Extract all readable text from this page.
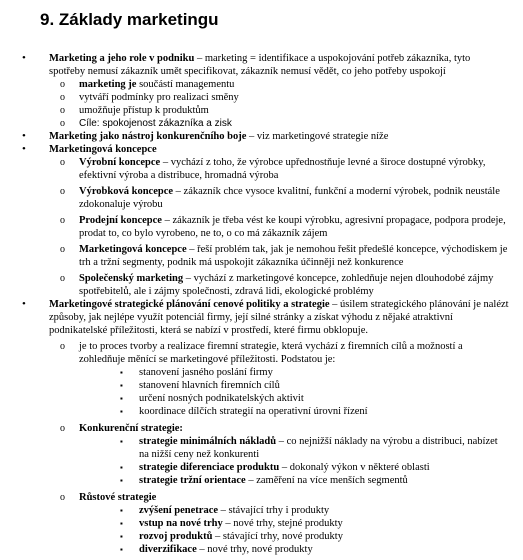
9. Základy marketingu
• Marketing a jeho role v podniku – marketing = identifikace a uspokojování potřeb zákazníka, tyto spotřeby nemusí zákazník umět specifikovat, zákazník nemusí vědět, co jeho potřeby uspokojí
o marketing je součástí managementu
o vytváří podmínky pro realizaci směny
o umožňuje přístup k produktům
o Cíle: spokojenost zákazníka a zisk
• Marketing jako nástroj konkurenčního boje – viz marketingové strategie níže
• Marketingová koncepce
o Výrobní koncepce – vychází z toho, že výrobce upřednostňuje levné a široce dostupné výrobky, efektivní výroba a distribuce, hromadná výroba
o Výrobková koncepce – zákazník chce vysoce kvalitní, funkční a moderní výrobek, podnik neustále zdokonaluje výrobu
o Prodejní koncepce – zákazník je třeba vést ke koupi výrobku, agresivní propagace, podpora prodeje, prodat to, co bylo vyrobeno, ne to, o co má zákazník zájem
o Marketingová koncepce – řeší problém tak, jak je nemohou řešit předešlé koncepce, východiskem je trh a tržní segmenty, podnik má uspokojit zákazníka účinněji než konkurence
o Společenský marketing – vychází z marketingové koncepce, zohledňuje nejen dlouhodobé zájmy spotřebitelů, ale i zájmy společnosti, zdravá lidi, ekologické problémy
• Marketingové strategické plánování cenové politiky a strategie – úsilem strategického plánování je nalézt způsoby, jak nejlépe využít potenciál firmy, její silné stránky a získat výhodu z nějaké atraktivní podnikatelské příležitosti, která se nabízí v prostředí, které firmu obklopuje.
o je to proces tvorby a realizace firemní strategie, která vychází z firemních cílů a možností a zohledňuje měnící se marketingové příležitosti. Podstatou je:
▪ stanovení jasného poslání firmy
▪ stanovení hlavních firemních cílů
▪ určení nosných podnikatelských aktivit
▪ koordinace dílčích strategií na operativní úrovni řízení
o Konkurenční strategie:
▪ strategie minimálních nákladů – co nejnižší náklady na výrobu a distribuci, nabízet na nižší ceny než konkurenti
▪ strategie diferenciace produktu – dokonalý výkon v některé oblasti
▪ strategie tržní orientace – zaměření na více menších segmentů
o Růstové strategie
▪ zvýšení penetrace – stávající trhy i produkty
▪ vstup na nové trhy – nové trhy, stejné produkty
▪ rozvoj produktů – stávající trhy, nové produkty
▪ diverzifikace – nové trhy, nové produkty
